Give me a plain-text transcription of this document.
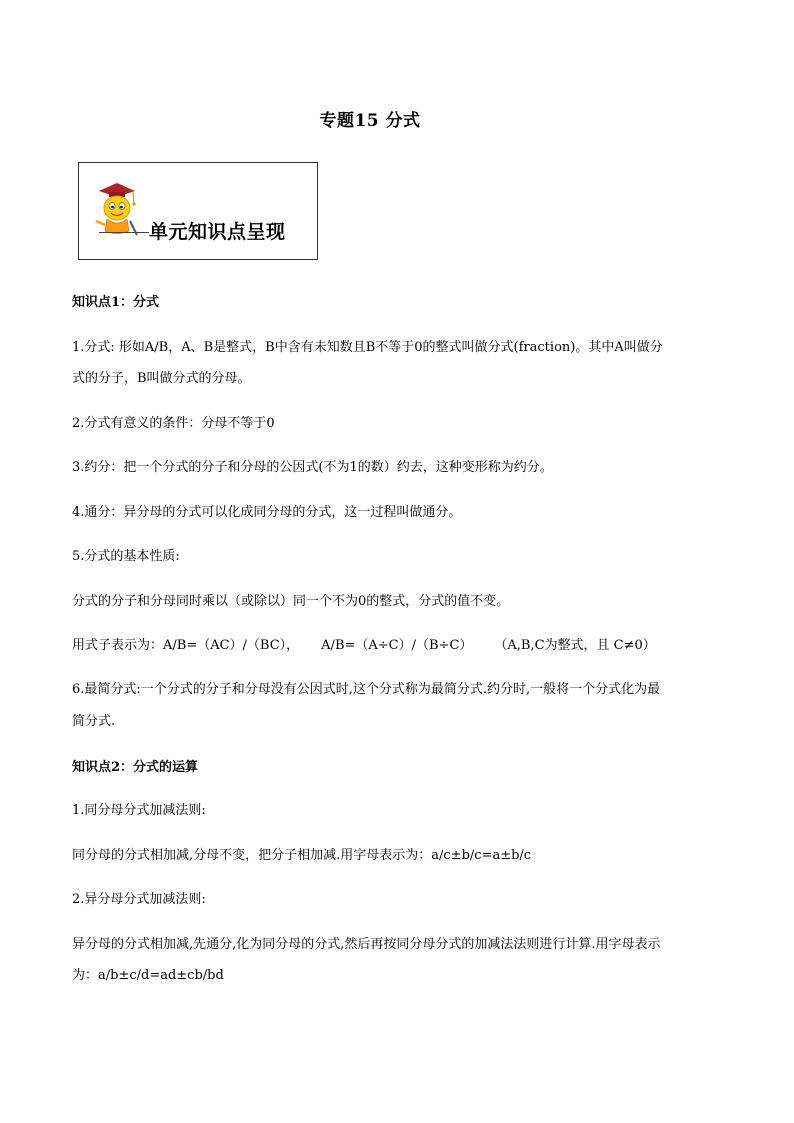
专题15 分式
单元知识点呈现
知识点1：分式
1.分式: 形如A/B，A、B是整式，B中含有未知数且B不等于0的整式叫做分式(fraction)。其中A叫做分
式的分子，B叫做分式的分母。
2.分式有意义的条件：分母不等于0
3.约分：把一个分式的分子和分母的公因式(不为1的数）约去，这种变形称为约分。
4.通分：异分母的分式可以化成同分母的分式，这一过程叫做通分。
5.分式的基本性质:
分式的分子和分母同时乘以（或除以）同一个不为0的整式，分式的值不变。
用式子表示为：A/B=（AC）/（BC）， A/B=（A÷C）/（B÷C） （A,B,C为整式，且 C≠0）
6.最简分式:一个分式的分子和分母没有公因式时,这个分式称为最简分式.约分时,一般将一个分式化为最
简分式.
知识点2：分式的运算
1.同分母分式加减法则:
同分母的分式相加减,分母不变，把分子相加减.用字母表示为：a/c±b/c=a±b/c
2.异分母分式加减法则:
异分母的分式相加减,先通分,化为同分母的分式,然后再按同分母分式的加减法法则进行计算.用字母表示
为：a/b±c/d=ad±cb/bd
